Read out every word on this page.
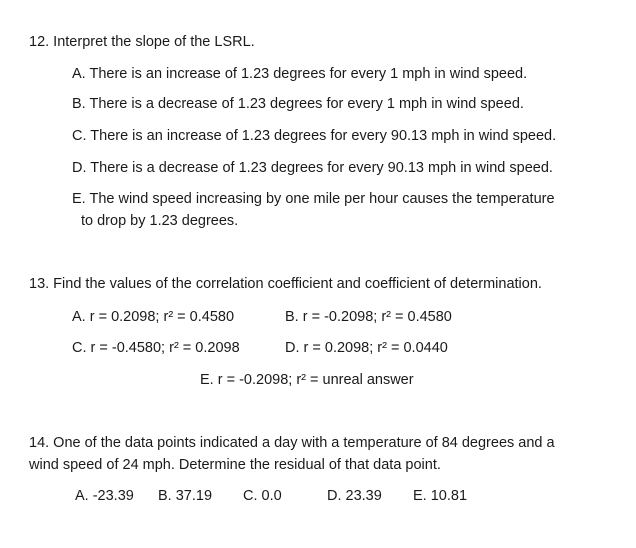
12. Interpret the slope of the LSRL.
A. There is an increase of 1.23 degrees for every 1 mph in wind speed.
B. There is a decrease of 1.23 degrees for every 1 mph in wind speed.
C. There is an increase of 1.23 degrees for every 90.13 mph in wind speed.
D. There is a decrease of 1.23 degrees for every 90.13 mph in wind speed.
E. The wind speed increasing by one mile per hour causes the temperature
to drop by 1.23 degrees.
13. Find the values of the correlation coefficient and coefficient of determination.
A. r = 0.2098; r² = 0.4580	B. r = -0.2098; r² = 0.4580
C. r = -0.4580; r² = 0.2098	D. r = 0.2098; r² = 0.0440
E. r = -0.2098; r² = unreal answer
14. One of the data points indicated a day with a temperature of 84 degrees and a
wind speed of 24 mph. Determine the residual of that data point.
A. -23.39 B. 37.19 C. 0.0	D. 23.39 E. 10.81
